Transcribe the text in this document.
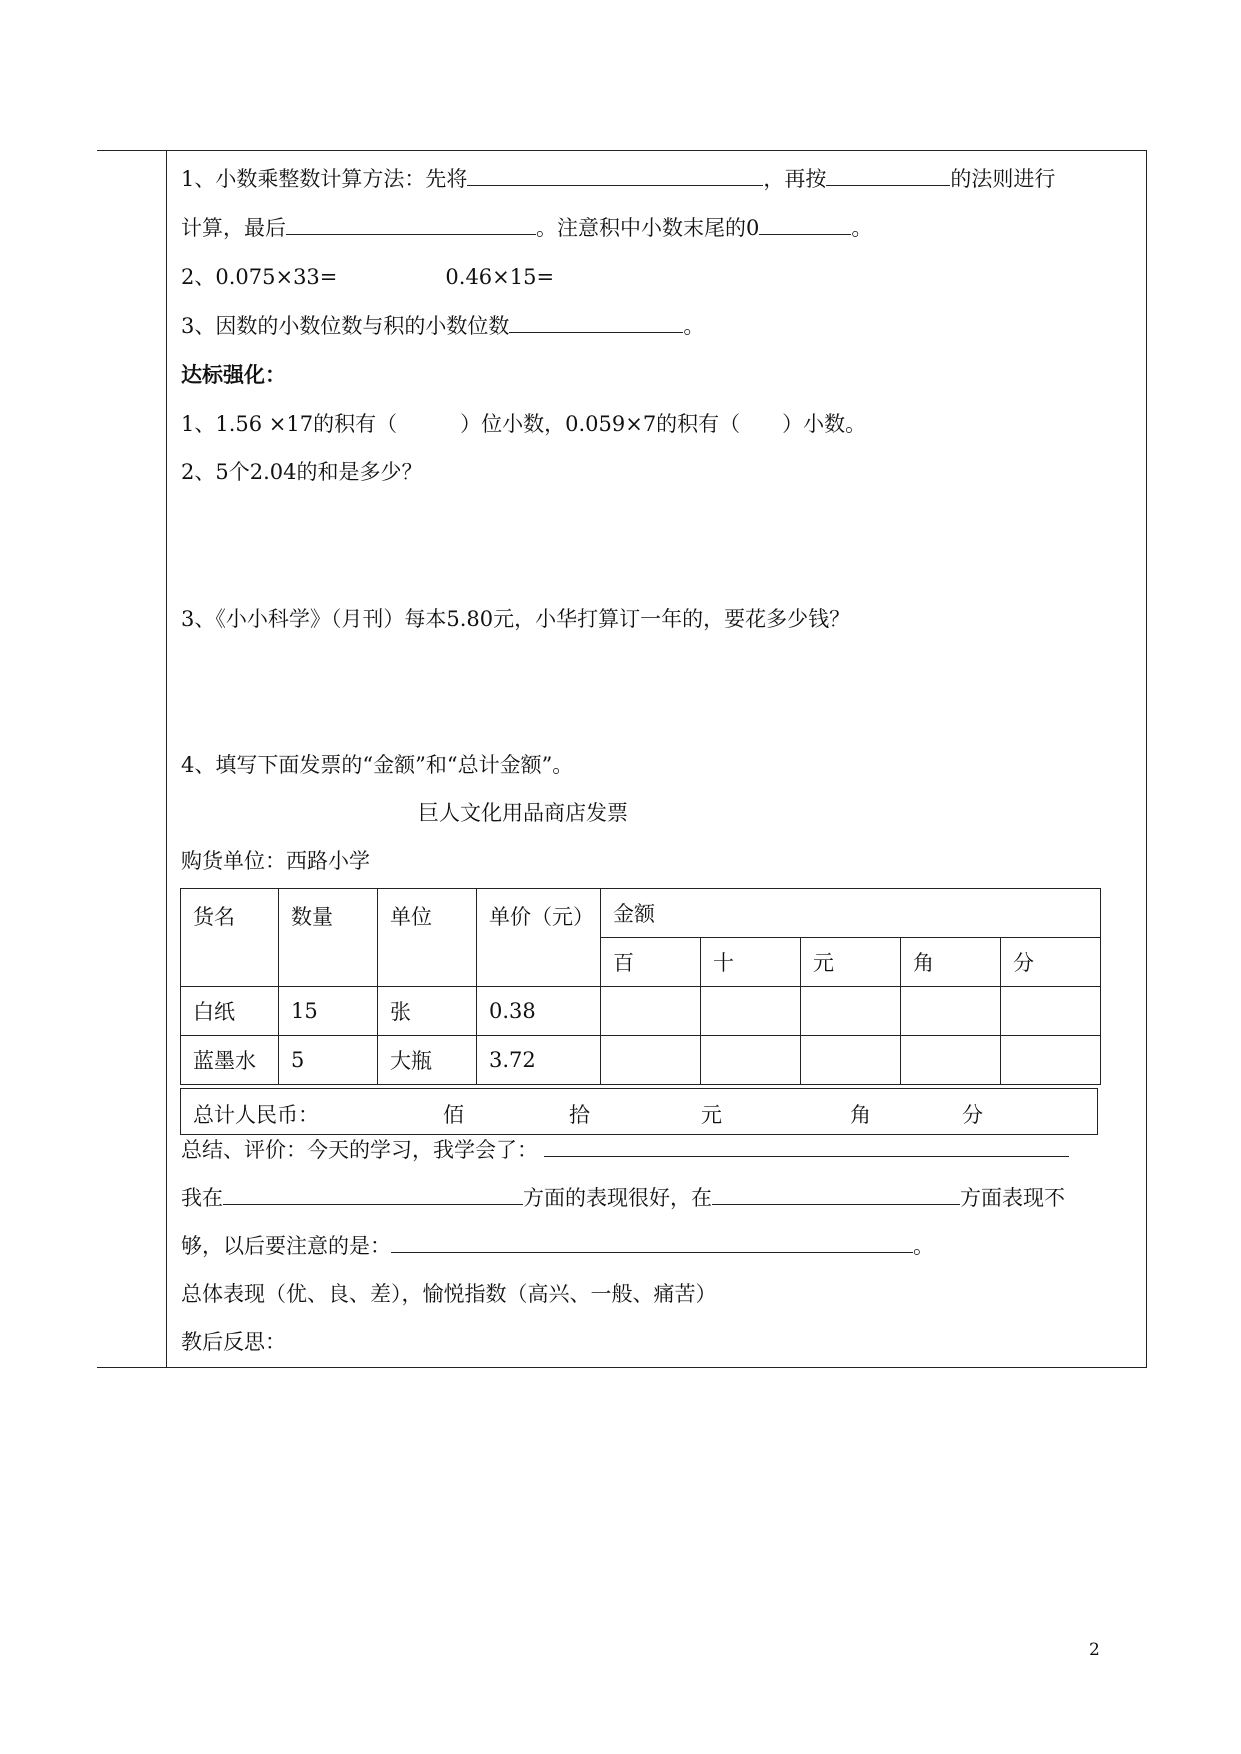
1、小数乘整数计算方法：先将	，再按	的法则进行
计算，最后	。注意积中小数末尾的0	。
2、0.075×33=	0.46×15=
3、因数的小数位数与积的小数位数	。
达标强化：
1、1.56 ×17的积有（　　　）位小数，0.059×7的积有（　　）小数。
2、5个2.04的和是多少？
3、《小小科学》（月刊）每本5.80元，小华打算订一年的，要花多少钱？
4、填写下面发票的“金额”和“总计金额”。
巨人文化用品商店发票
购货单位：西路小学
货名	数量	单位	单价（元）	金额				
				百	十	元	角	分
白纸	15	张	0.38					
蓝墨水	5	大瓶	3.72					
总计人民币：	佰	拾	元	角	分
总结、评价：今天的学习，我学会了：
我在	方面的表现很好，在	方面表现不
够，以后要注意的是：	。
总体表现（优、良、差），愉悦指数（高兴、一般、痛苦）
教后反思：
2
